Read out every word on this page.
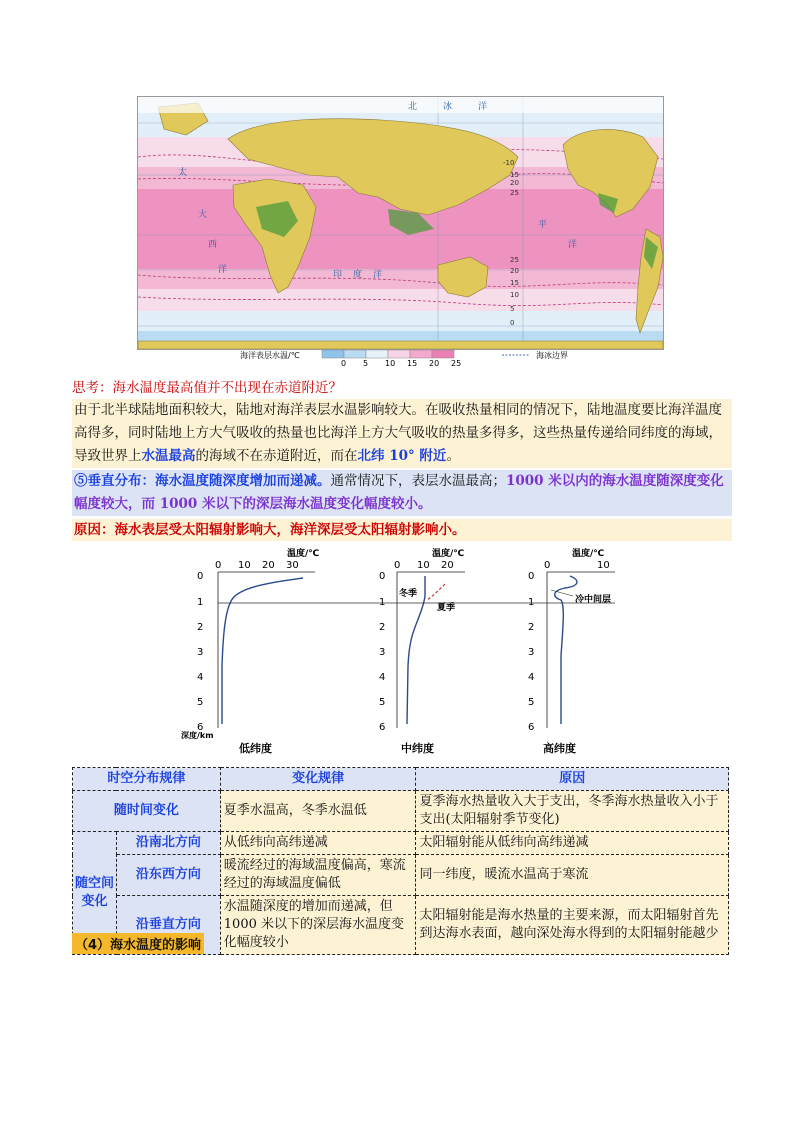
北	冰	洋
太
平
洋
大
西
洋	印 度 洋
-10
15
20
25
25
20
15
10
5
0
海洋表层水温/℃
0 5 10 15 20 25
海冰边界
思考：海水温度最高值并不出现在赤道附近？
由于北半球陆地面积较大，陆地对海洋表层水温影响较大。在吸收热量相同的情况下，陆地温度要比海洋温度高得多，同时陆地上方大气吸收的热量也比海洋上方大气吸收的热量多得多，这些热量传递给同纬度的海域，导致世界上水温最高的海域不在赤道附近，而在北纬 10° 附近。
⑤垂直分布：海水温度随深度增加而递减。通常情况下，表层水温最高；1000 米以内的海水温度随深度变化幅度较大，而 1000 米以下的深层海水温度变化幅度较小。
原因：海水表层受太阳辐射影响大，海洋深层受太阳辐射影响小。
温度/℃
0 10 20 30
0
1
2
3
4
5
6
深度/km
低纬度
温度/℃
0 10 20
0
1
2
3
4
5
6
冬季
夏季
中纬度
温度/℃
0	10
0
1
2
3
4
5
6
冷中间层
高纬度
时空分布规律		变化规律	原因
随时间变化		夏季水温高，冬季水温低	夏季海水热量收入大于支出，冬季海水热量收入小于支出(太阳辐射季节变化)
随空间变化	沿南北方向	从低纬向高纬递减	太阳辐射能从低纬向高纬递减
	沿东西方向	暖流经过的海域温度偏高，寒流经过的海域温度偏低	同一纬度，暖流水温高于寒流
	沿垂直方向	水温随深度的增加而递减，但1000 米以下的深层海水温度变化幅度较小	太阳辐射能是海水热量的主要来源，而太阳辐射首先到达海水表面，越向深处海水得到的太阳辐射能越少
（4）海水温度的影响
